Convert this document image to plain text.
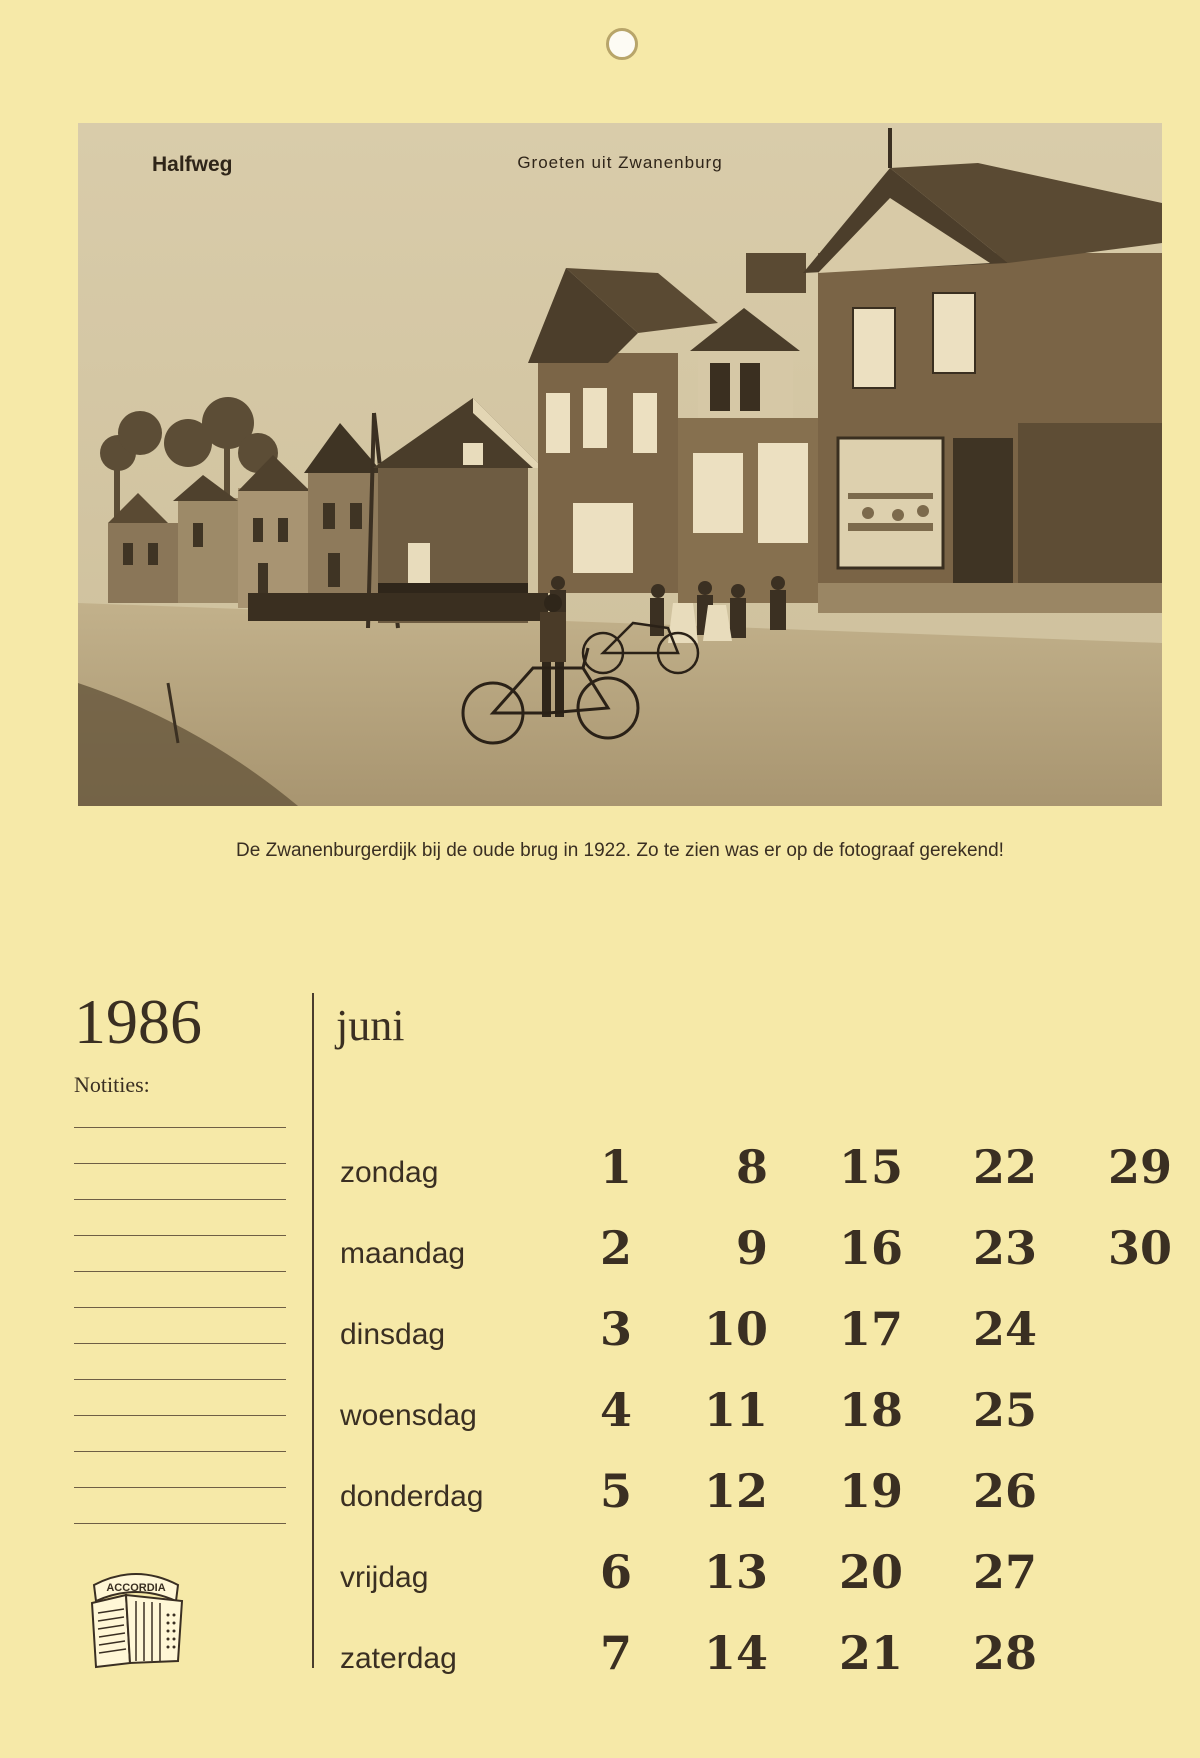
Halfweg	Groeten uit Zwanenburg
De Zwanenburgerdijk bij de oude brug in 1922. Zo te zien was er op de fotograaf gerekend!
1986
Notities:
ACCORDIA
juni
zondag	1	8	15	22	29
maandag	2	9	16	23	30
dinsdag	3	10	17	24
woensdag	4	11	18	25
donderdag	5	12	19	26
vrijdag	6	13	20	27
zaterdag	7	14	21	28
